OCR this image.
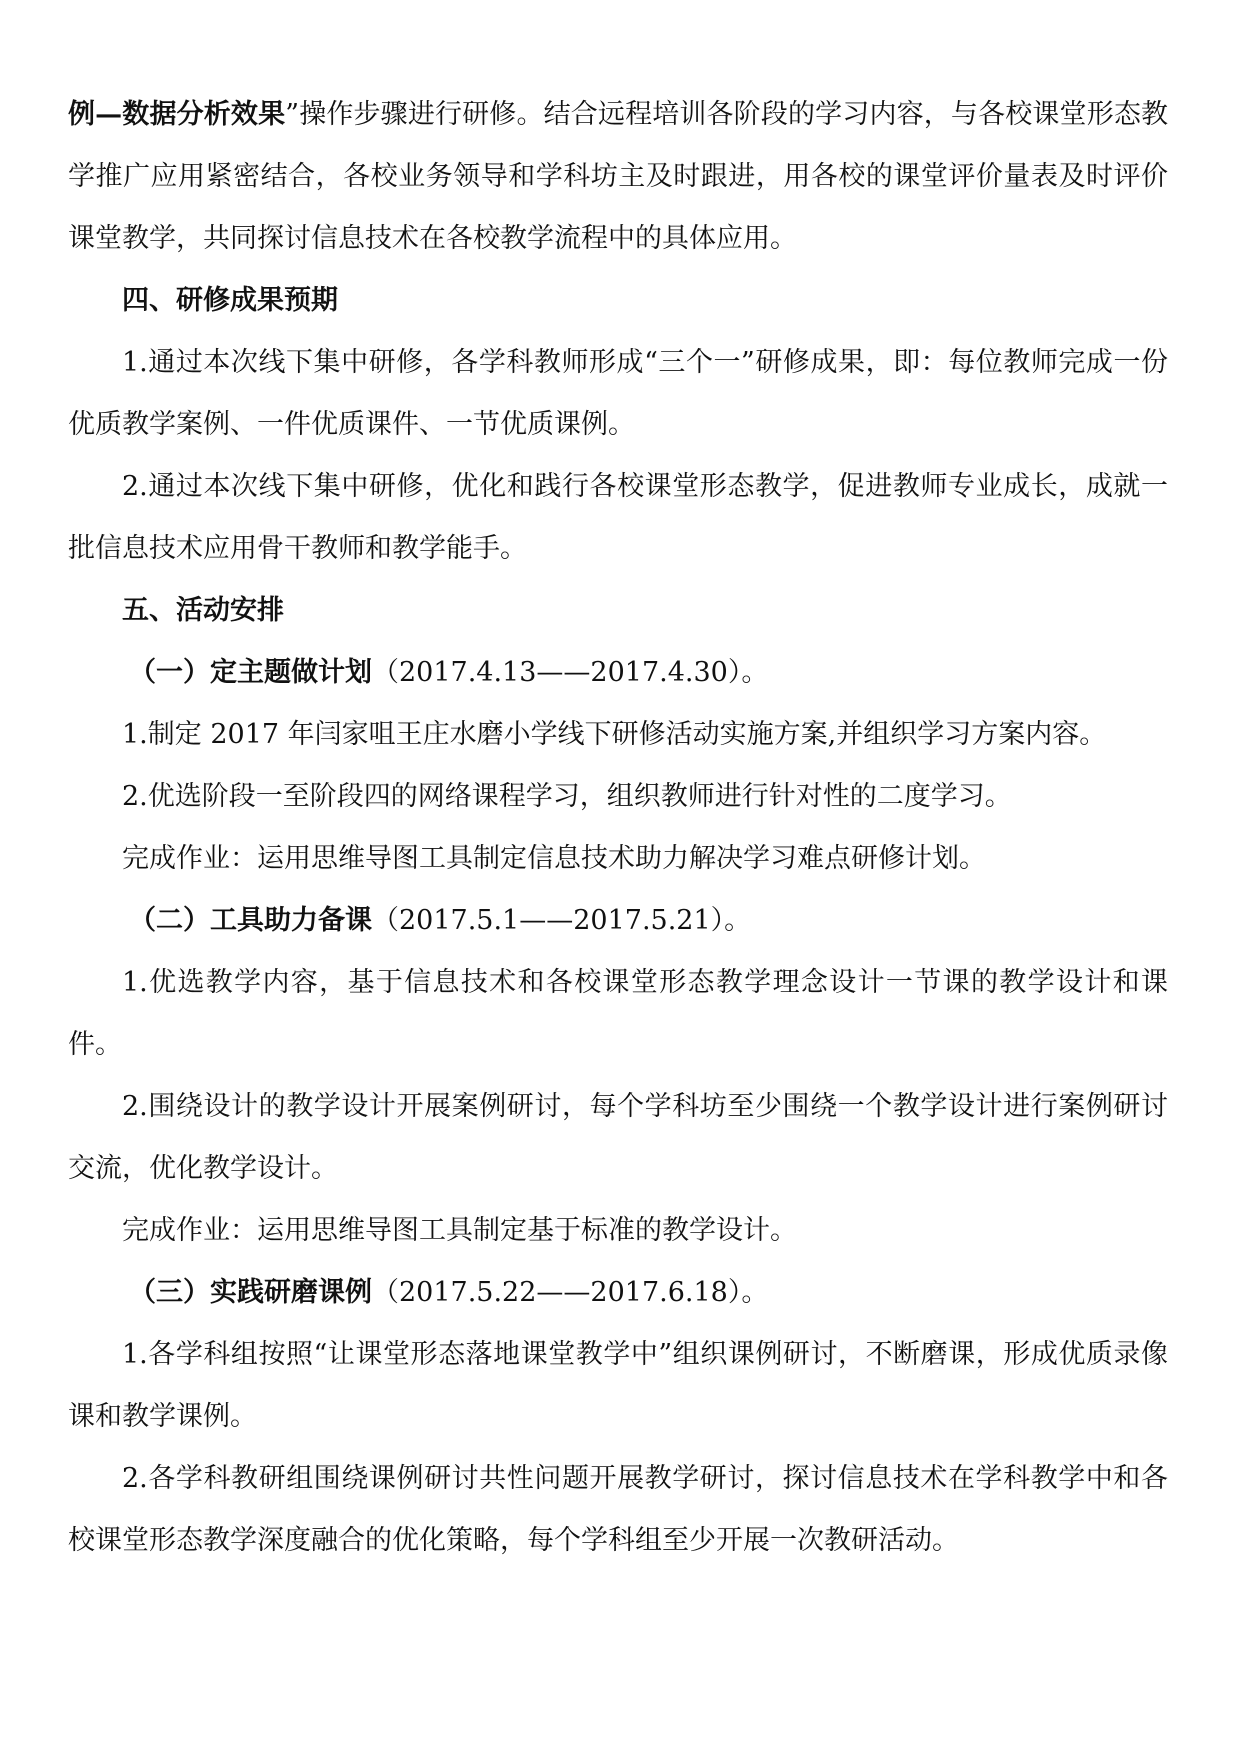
例—数据分析效果”操作步骤进行研修。结合远程培训各阶段的学习内容，与各校课堂形态教学推广应用紧密结合，各校业务领导和学科坊主及时跟进，用各校的课堂评价量表及时评价课堂教学，共同探讨信息技术在各校教学流程中的具体应用。

四、研修成果预期

1.通过本次线下集中研修，各学科教师形成“三个一”研修成果，即：每位教师完成一份优质教学案例、一件优质课件、一节优质课例。

2.通过本次线下集中研修，优化和践行各校课堂形态教学，促进教师专业成长，成就一批信息技术应用骨干教师和教学能手。

五、活动安排

（一）定主题做计划（2017.4.13——2017.4.30）。

1.制定 2017 年闫家咀王庄水磨小学线下研修活动实施方案,并组织学习方案内容。

2.优选阶段一至阶段四的网络课程学习，组织教师进行针对性的二度学习。

完成作业：运用思维导图工具制定信息技术助力解决学习难点研修计划。

（二）工具助力备课（2017.5.1——2017.5.21）。

1.优选教学内容，基于信息技术和各校课堂形态教学理念设计一节课的教学设计和课件。

2.围绕设计的教学设计开展案例研讨，每个学科坊至少围绕一个教学设计进行案例研讨交流，优化教学设计。

完成作业：运用思维导图工具制定基于标准的教学设计。

（三）实践研磨课例（2017.5.22——2017.6.18）。

1.各学科组按照“让课堂形态落地课堂教学中”组织课例研讨，不断磨课，形成优质录像课和教学课例。

2.各学科教研组围绕课例研讨共性问题开展教学研讨，探讨信息技术在学科教学中和各校课堂形态教学深度融合的优化策略，每个学科组至少开展一次教研活动。
